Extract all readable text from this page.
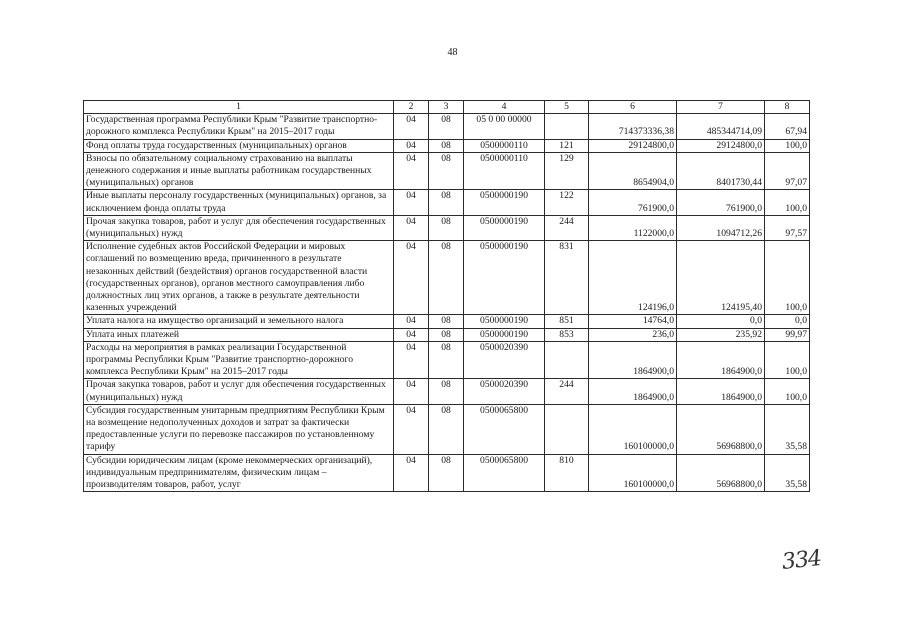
48
1	2	3	4	5	6	7	8
Государственная программа Республики Крым "Развитие транспортно-дорожного комплекса Республики Крым" на 2015–2017 годы	04	08	05 0 00 00000		714373336,38	485344714,09	67,94
Фонд оплаты труда государственных (муниципальных) органов	04	08	0500000110	121	29124800,0	29124800,0	100,0
Взносы по обязательному социальному страхованию на выплаты денежного содержания и иные выплаты работникам государственных (муниципальных) органов	04	08	0500000110	129	8654904,0	8401730,44	97,07
Иные выплаты персоналу государственных (муниципальных) органов, за исключением фонда оплаты труда	04	08	0500000190	122	761900,0	761900,0	100,0
Прочая закупка товаров, работ и услуг для обеспечения государственных (муниципальных) нужд	04	08	0500000190	244	1122000,0	1094712,26	97,57
Исполнение судебных актов Российской Федерации и мировых соглашений по возмещению вреда, причиненного в результате незаконных действий (бездействия) органов государственной власти (государственных органов), органов местного самоуправления либо должностных лиц этих органов, а также в результате деятельности казенных учреждений	04	08	0500000190	831	124196,0	124195,40	100,0
Уплата налога на имущество организаций и земельного налога	04	08	0500000190	851	14764,0	0,0	0,0
Уплата иных платежей	04	08	0500000190	853	236,0	235,92	99,97
Расходы на мероприятия в рамках реализации Государственной программы Республики Крым "Развитие транспортно-дорожного комплекса Республики Крым" на 2015–2017 годы	04	08	0500020390		1864900,0	1864900,0	100,0
Прочая закупка товаров, работ и услуг для обеспечения государственных (муниципальных) нужд	04	08	0500020390	244	1864900,0	1864900,0	100,0
Субсидия государственным унитарным предприятиям Республики Крым на возмещение недополученных доходов и затрат за фактически предоставленные услуги по перевозке пассажиров по установленному тарифу	04	08	0500065800		160100000,0	56968800,0	35,58
Субсидии юридическим лицам (кроме некоммерческих организаций), индивидуальным предпринимателям, физическим лицам – производителям товаров, работ, услуг	04	08	0500065800	810	160100000,0	56968800,0	35,58
334
